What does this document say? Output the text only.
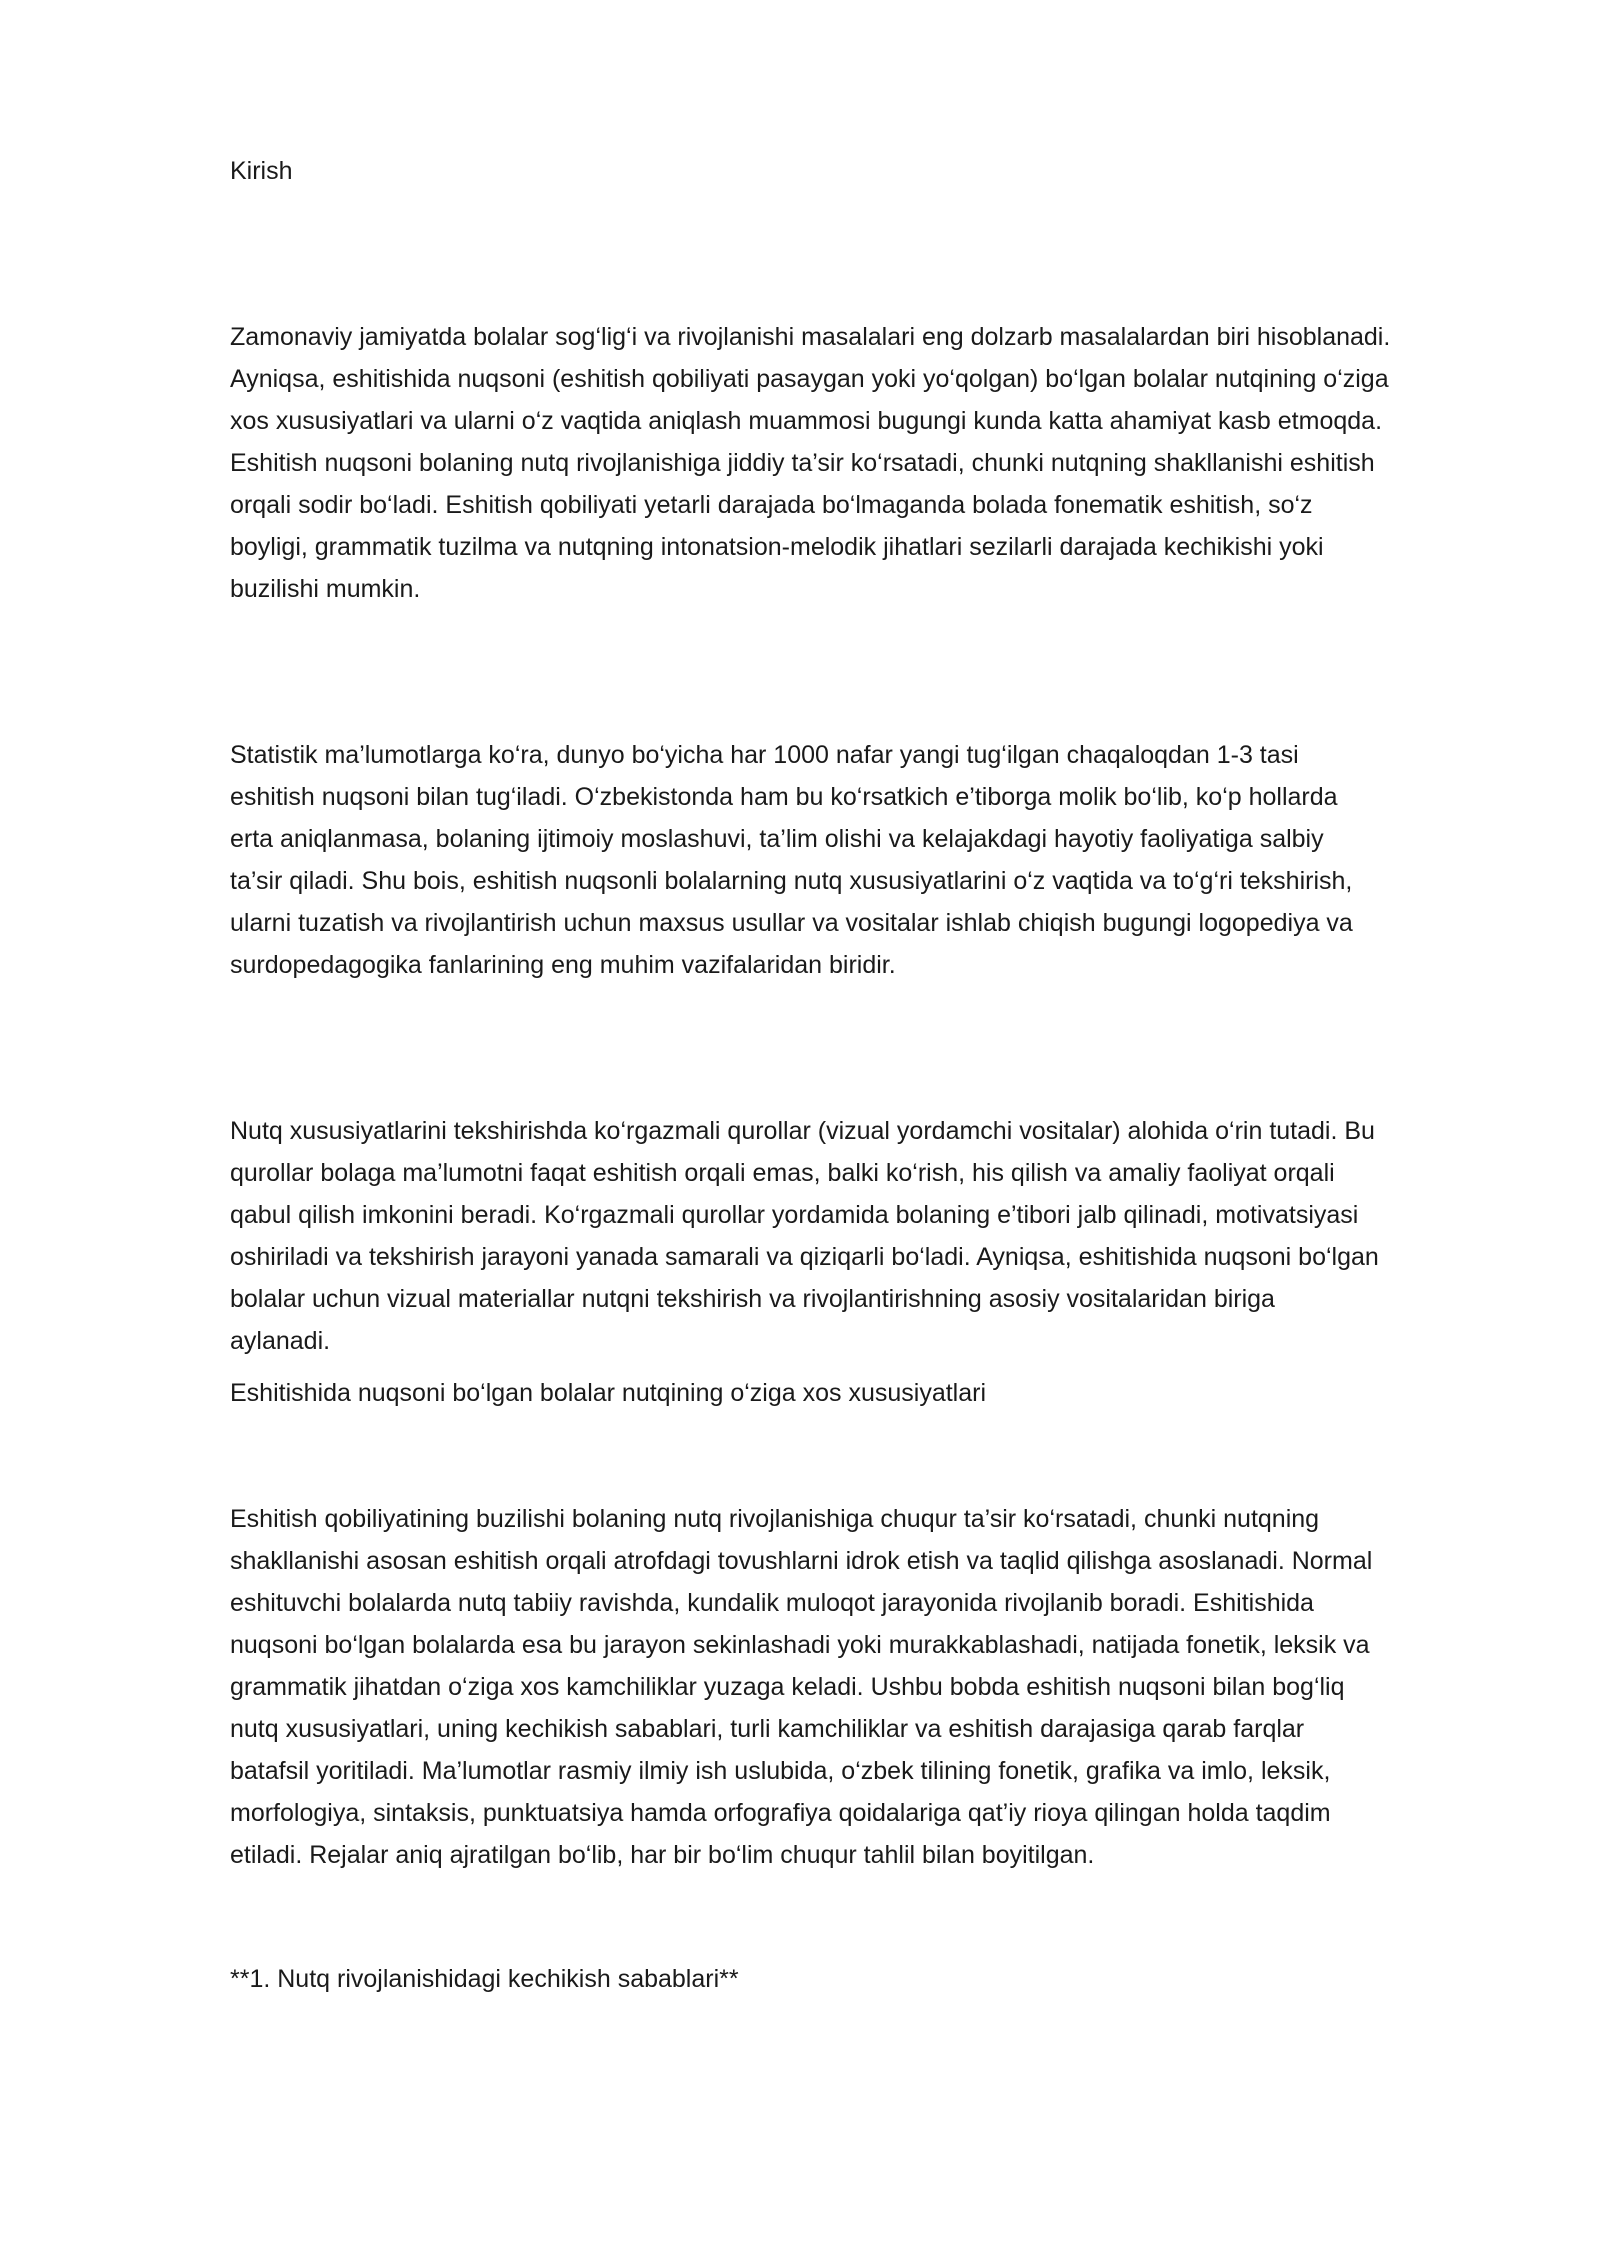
Kirish

Zamonaviy jamiyatda bolalar sog‘lig‘i va rivojlanishi masalalari eng dolzarb masalalardan biri hisoblanadi.
Ayniqsa, eshitishida nuqsoni (eshitish qobiliyati pasaygan yoki yo‘qolgan) bo‘lgan bolalar nutqining o‘ziga
xos xususiyatlari va ularni o‘z vaqtida aniqlash muammosi bugungi kunda katta ahamiyat kasb etmoqda.
Eshitish nuqsoni bolaning nutq rivojlanishiga jiddiy ta’sir ko‘rsatadi, chunki nutqning shakllanishi eshitish
orqali sodir bo‘ladi. Eshitish qobiliyati yetarli darajada bo‘lmaganda bolada fonematik eshitish, so‘z
boyligi, grammatik tuzilma va nutqning intonatsion-melodik jihatlari sezilarli darajada kechikishi yoki
buzilishi mumkin.
Statistik ma’lumotlarga ko‘ra, dunyo bo‘yicha har 1000 nafar yangi tug‘ilgan chaqaloqdan 1-3 tasi
eshitish nuqsoni bilan tug‘iladi. O‘zbekistonda ham bu ko‘rsatkich e’tiborga molik bo‘lib, ko‘p hollarda
erta aniqlanmasa, bolaning ijtimoiy moslashuvi, ta’lim olishi va kelajakdagi hayotiy faoliyatiga salbiy
ta’sir qiladi. Shu bois, eshitish nuqsonli bolalarning nutq xususiyatlarini o‘z vaqtida va to‘g‘ri tekshirish,
ularni tuzatish va rivojlantirish uchun maxsus usullar va vositalar ishlab chiqish bugungi logopediya va
surdopedagogika fanlarining eng muhim vazifalaridan biridir.
Nutq xususiyatlarini tekshirishda ko‘rgazmali qurollar (vizual yordamchi vositalar) alohida o‘rin tutadi. Bu
qurollar bolaga ma’lumotni faqat eshitish orqali emas, balki ko‘rish, his qilish va amaliy faoliyat orqali
qabul qilish imkonini beradi. Ko‘rgazmali qurollar yordamida bolaning e’tibori jalb qilinadi, motivatsiyasi
oshiriladi va tekshirish jarayoni yanada samarali va qiziqarli bo‘ladi. Ayniqsa, eshitishida nuqsoni bo‘lgan
bolalar uchun vizual materiallar nutqni tekshirish va rivojlantirishning asosiy vositalaridan biriga
aylanadi.

Eshitishida nuqsoni bo‘lgan bolalar nutqining o‘ziga xos xususiyatlari

Eshitish qobiliyatining buzilishi bolaning nutq rivojlanishiga chuqur ta’sir ko‘rsatadi, chunki nutqning
shakllanishi asosan eshitish orqali atrofdagi tovushlarni idrok etish va taqlid qilishga asoslanadi. Normal
eshituvchi bolalarda nutq tabiiy ravishda, kundalik muloqot jarayonida rivojlanib boradi. Eshitishida
nuqsoni bo‘lgan bolalarda esa bu jarayon sekinlashadi yoki murakkablashadi, natijada fonetik, leksik va
grammatik jihatdan o‘ziga xos kamchiliklar yuzaga keladi. Ushbu bobda eshitish nuqsoni bilan bog‘liq
nutq xususiyatlari, uning kechikish sabablari, turli kamchiliklar va eshitish darajasiga qarab farqlar
batafsil yoritiladi. Ma’lumotlar rasmiy ilmiy ish uslubida, o‘zbek tilining fonetik, grafika va imlo, leksik,
morfologiya, sintaksis, punktuatsiya hamda orfografiya qoidalariga qat’iy rioya qilingan holda taqdim
etiladi. Rejalar aniq ajratilgan bo‘lib, har bir bo‘lim chuqur tahlil bilan boyitilgan.

**1. Nutq rivojlanishidagi kechikish sabablari**
